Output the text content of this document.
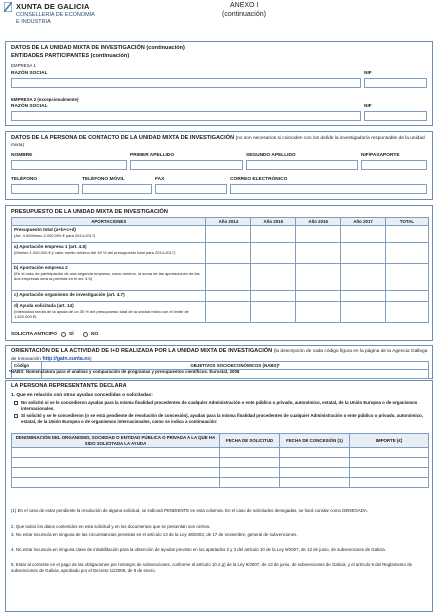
XUNTA DE GALICIA
CONSELLERÍA DE ECONOMÍA
E INDUSTRIA
ANEXO I
(continuación)
DATOS DE LA UNIDAD MIXTA DE INVESTIGACIÓN (continuación)
ENTIDADES PARTICIPANTES (continuación)
EMPRESA 1
RAZÓN SOCIAL	NIF
EMPRESA 2 (excepcionalmente)
RAZÓN SOCIAL	NIF
DATOS DE LA PERSONA DE CONTACTO DE LA UNIDAD MIXTA DE INVESTIGACIÓN (no son necesarios si coinciden con los del/de la investigador/a responsable de la unidad mixta)
NOMBRE	PRIMER APELLIDO	SEGUNDO APELLIDO	NIF/PASAPORTE
TELÉFONO	TELÉFONO MÓVIL	FAX	CORREO ELECTRÓNICO
PRESUPUESTO DE LA UNIDAD MIXTA DE INVESTIGACIÓN
APORTACIONES	Año 2014	Año 2015	Año 2016	Año 2017	TOTAL
Presupuesto total (a+b+c+d)
(Art. 4.5/Mínimo 2.000.000 € para 2014-2017)					
a) Aportación empresa 1 (art. 4.5)
(Mínimo 1.000.000 € y valor medio mínimo del 40 % del presupuesto total para 2014-2017)					
b) Aportación empresa 2
(En el caso de participación de una segunda empresa, como mínimo, la suma de las aportaciones de las dos empresas será la prevista en el art. 4.5)					
c) Aportación organismo de investigación (art. 4.7)					
d) Ayuda solicitada (art. 14)
(Intensidad media de la ayuda de un 30 % del presupuesto total de la unidad mixta con el límite de 1.520.000 €)					
SOLICITA ANTICIPO	SÍ	NO
ORIENTACIÓN DE LA ACTIVIDAD DE I+D REALIZADA POR LA UNIDAD MIXTA DE INVESTIGACIÓN (la descripción de cada código figura en la página de la Agencia Gallega de Innovación http://gain.xunta.es)
Código	OBJETIVOS SOCIOECONÓMICOS (NABS)*

*NABS: Nomenclatura para el análisis y comparación de programas y presupuestos científicos. Eurostat, 2008
LA PERSONA REPRESENTANTE DECLARA
1. Que en relación con otras ayudas concedidas o solicitadas:
No solicitó ni se le concedieron ayudas para la misma finalidad procedentes de cualquier Administración o ente público o privado, autonómico, estatal, de la Unión Europea o de organismos internacionales.
Sí solicitó y se le concedieron (o se está pendiente de resolución de concesión), ayudas para la misma finalidad procedentes de cualquier Administración o ente público o privado, autonómico, estatal, de la Unión Europea o de organismos internacionales, como se indica a continuación:
DENOMINACIÓN DEL ORGANISMO, SOCIEDAD O ENTIDAD PÚBLICA O PRIVADA A LA QUE HA SIDO SOLICITADA LA AYUDA	FECHA DE SOLICITUD	FECHA DE CONCESIÓN (1)	IMPORTE (€)

(1) En el caso de estar pendiente la resolución de alguna solicitud, se indicará PENDIENTE en esta columna. En el caso de solicitudes denegadas, se hará constar como DENEGADA.
2. Que todos los datos contenidos en esta solicitud y en los documentos que se presentan son ciertos.
3. No estar incurso/a en ninguna de las circunstancias previstas en el artículo 13 de la Ley 38/2003, de 17 de noviembre, general de subvenciones.
4. No estar incurso/a en ninguna clase de inhabilitación para la obtención de ayudas previsto en los apartados 2 y 3 del artículo 10 de la Ley 9/2007, de 13 de junio, de subvenciones de Galicia.
5. Estar al corriente en el pago de las obligaciones por reintegro de subvenciones, conforme al artículo 10.2.g) de la Ley 9/2007, de 13 de junio, de subvenciones de Galicia, y el artículo 9 del Reglamento de subvenciones de Galicia, aprobado por el Decreto 11/2009, de 8 de enero.
